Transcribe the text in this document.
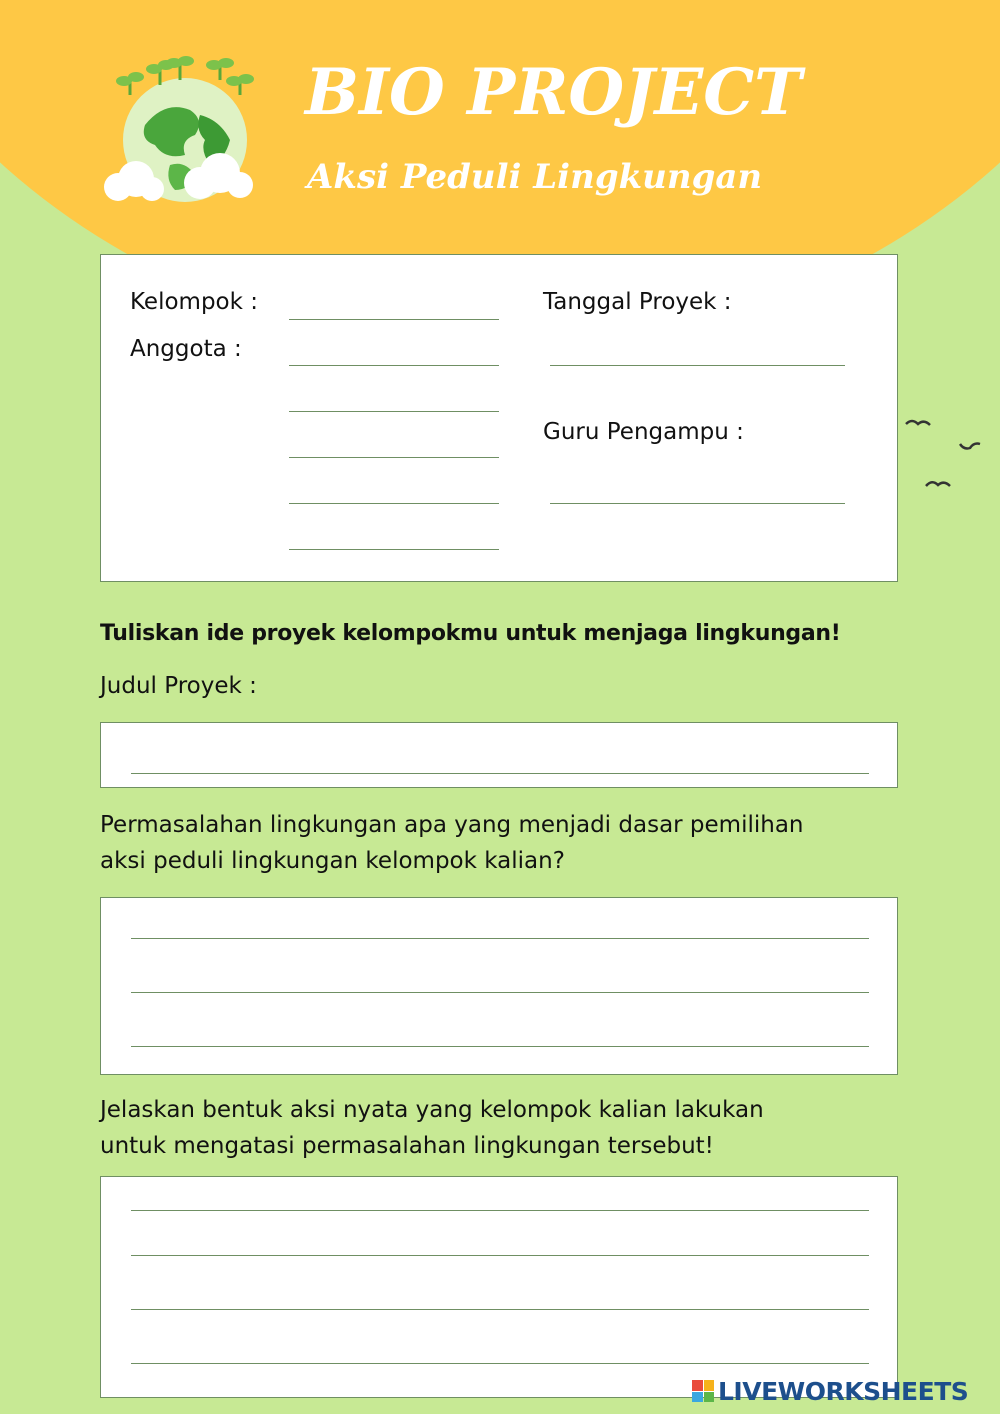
BIO PROJECT
Aksi Peduli Lingkungan
Kelompok :
Anggota :
Tanggal Proyek :
Guru Pengampu :
Tuliskan ide proyek kelompokmu untuk menjaga lingkungan!
Judul Proyek :
Permasalahan lingkungan apa yang menjadi dasar pemilihan
aksi peduli lingkungan kelompok kalian?
Jelaskan bentuk aksi nyata yang kelompok kalian lakukan
untuk mengatasi permasalahan lingkungan tersebut!
LIVEWORKSHEETS
